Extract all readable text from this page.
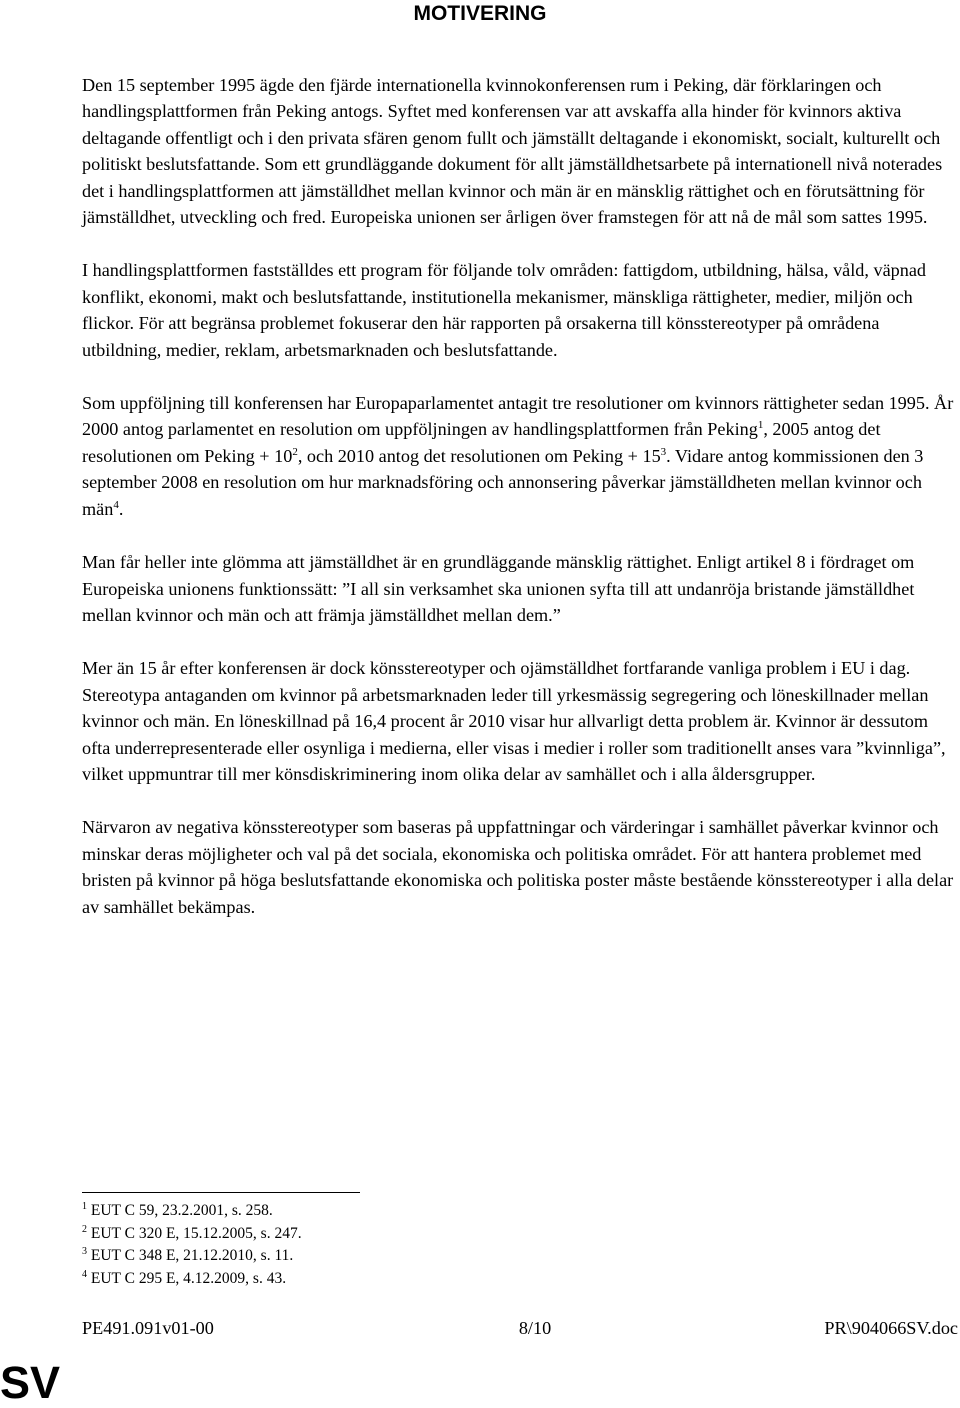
MOTIVERING

Den 15 september 1995 ägde den fjärde internationella kvinnokonferensen rum i Peking, där förklaringen och handlingsplattformen från Peking antogs. Syftet med konferensen var att avskaffa alla hinder för kvinnors aktiva deltagande offentligt och i den privata sfären genom fullt och jämställt deltagande i ekonomiskt, socialt, kulturellt och politiskt beslutsfattande. Som ett grundläggande dokument för allt jämställdhetsarbete på internationell nivå noterades det i handlingsplattformen att jämställdhet mellan kvinnor och män är en mänsklig rättighet och en förutsättning för jämställdhet, utveckling och fred. Europeiska unionen ser årligen över framstegen för att nå de mål som sattes 1995.

I handlingsplattformen fastställdes ett program för följande tolv områden: fattigdom, utbildning, hälsa, våld, väpnad konflikt, ekonomi, makt och beslutsfattande, institutionella mekanismer, mänskliga rättigheter, medier, miljön och flickor. För att begränsa problemet fokuserar den här rapporten på orsakerna till könsstereotyper på områdena utbildning, medier, reklam, arbetsmarknaden och beslutsfattande.

Som uppföljning till konferensen har Europaparlamentet antagit tre resolutioner om kvinnors rättigheter sedan 1995. År 2000 antog parlamentet en resolution om uppföljningen av handlingsplattformen från Peking$^1$, 2005 antog det resolutionen om Peking + $10^2$, och 2010 antog det resolutionen om Peking + $15^3$. Vidare antog kommissionen den 3 september 2008 en resolution om hur marknadsföring och annonsering påverkar jämställdheten mellan kvinnor och män$^4$.

Man får heller inte glömma att jämställdhet är en grundläggande mänsklig rättighet. Enligt artikel 8 i fördraget om Europeiska unionens funktionssätt: ”I all sin verksamhet ska unionen syfta till att undanröja bristande jämställdhet mellan kvinnor och män och att främja jämställdhet mellan dem.”

Mer än 15 år efter konferensen är dock könsstereotyper och ojämställdhet fortfarande vanliga problem i EU i dag. Stereotypa antaganden om kvinnor på arbetsmarknaden leder till yrkesmässig segregering och löneskillnader mellan kvinnor och män. En löneskillnad på 16,4 procent år 2010 visar hur allvarligt detta problem är. Kvinnor är dessutom ofta underrepresenterade eller osynliga i medierna, eller visas i medier i roller som traditionellt anses vara ”kvinnliga”, vilket uppmuntrar till mer könsdiskriminering inom olika delar av samhället och i alla åldersgrupper.

Närvaron av negativa könsstereotyper som baseras på uppfattningar och värderingar i samhället påverkar kvinnor och minskar deras möjligheter och val på det sociala, ekonomiska och politiska området. För att hantera problemet med bristen på kvinnor på höga beslutsfattande ekonomiska och politiska poster måste bestående könsstereotyper i alla delar av samhället bekämpas.

$^1$ EUT C 59, 23.2.2001, s. 258.
$^2$ EUT C 320 E, 15.12.2005, s. 247.
$^3$ EUT C 348 E, 21.12.2010, s. 11.
$^4$ EUT C 295 E, 4.12.2009, s. 43.
PE491.091v01-00	8/10	PR\904066SV.doc
SV
